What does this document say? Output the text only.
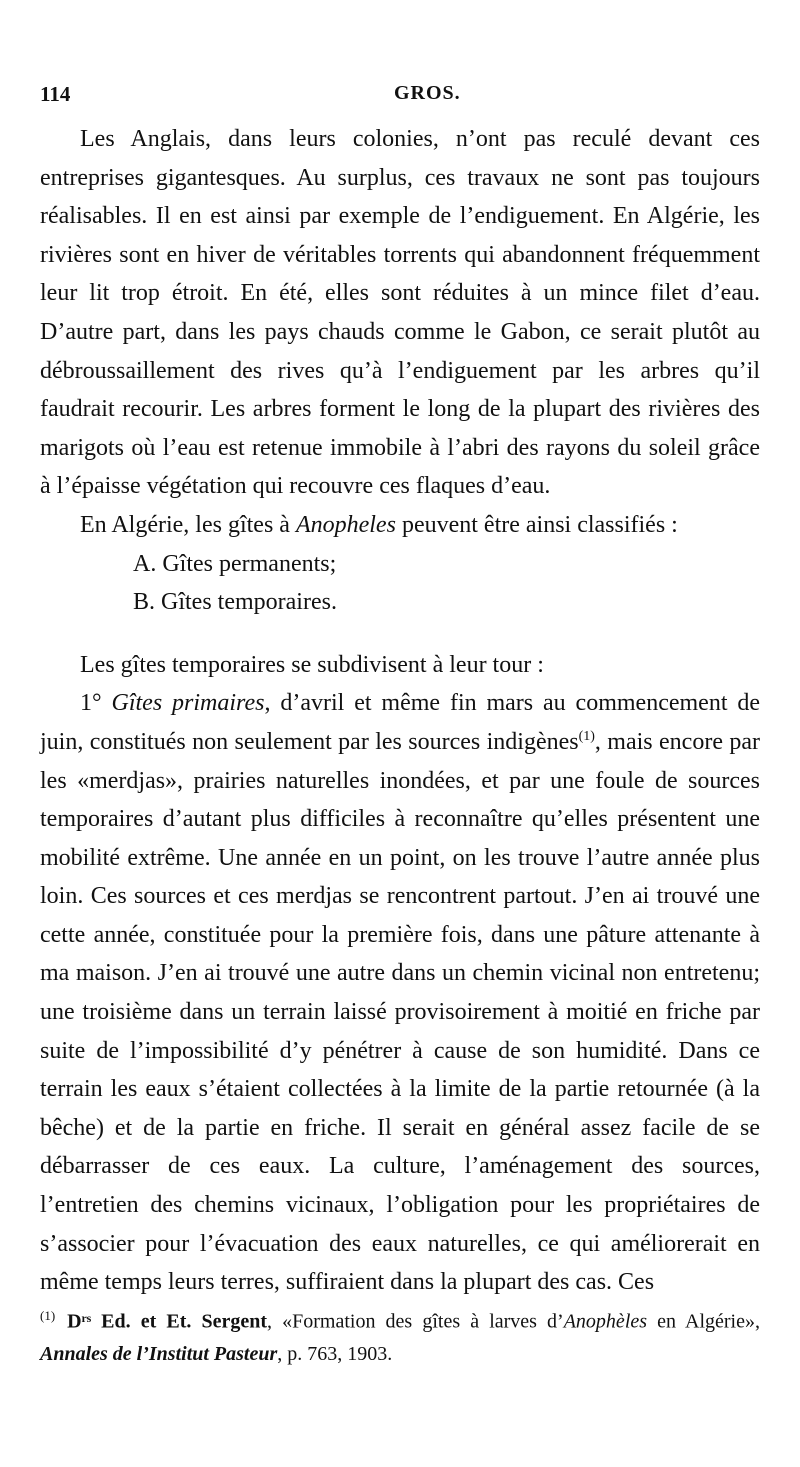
114	GROS.

Les Anglais, dans leurs colonies, n’ont pas reculé devant ces entreprises gigantesques. Au surplus, ces travaux ne sont pas toujours réalisables. Il en est ainsi par exemple de l’endiguement. En Algérie, les rivières sont en hiver de véritables torrents qui abandonnent fréquemment leur lit trop étroit. En été, elles sont réduites à un mince filet d’eau. D’autre part, dans les pays chauds comme le Gabon, ce serait plutôt au débroussaillement des rives qu’à l’endiguement par les arbres qu’il faudrait recourir. Les arbres forment le long de la plupart des rivières des marigots où l’eau est retenue immobile à l’abri des rayons du soleil grâce à l’épaisse végétation qui recouvre ces flaques d’eau.

En Algérie, les gîtes à Anopheles peuvent être ainsi classifiés :

A. Gîtes permanents;

B. Gîtes temporaires.

Les gîtes temporaires se subdivisent à leur tour :

1° Gîtes primaires, d’avril et même fin mars au commencement de juin, constitués non seulement par les sources indigènes$^{(1)}$, mais encore par les «merdjas», prairies naturelles inondées, et par une foule de sources temporaires d’autant plus difficiles à reconnaître qu’elles présentent une mobilité extrême. Une année en un point, on les trouve l’autre année plus loin. Ces sources et ces merdjas se rencontrent partout. J’en ai trouvé une cette année, constituée pour la première fois, dans une pâture attenante à ma maison. J’en ai trouvé une autre dans un chemin vicinal non entretenu; une troisième dans un terrain laissé provisoirement à moitié en friche par suite de l’impossibilité d’y pénétrer à cause de son humidité. Dans ce terrain les eaux s’étaient collectées à la limite de la partie retournée (à la bêche) et de la partie en friche. Il serait en général assez facile de se débarrasser de ces eaux. La culture, l’aménagement des sources, l’entretien des chemins vicinaux, l’obligation pour les propriétaires de s’associer pour l’évacuation des eaux naturelles, ce qui améliorerait en même temps leurs terres, suffiraient dans la plupart des cas. Ces

$^{(1)}$ Dʳˢ Ed. et Et. Sergent, «Formation des gîtes à larves d’Anophèles en Algérie», Annales de l’Institut Pasteur, p. 763, 1903.
